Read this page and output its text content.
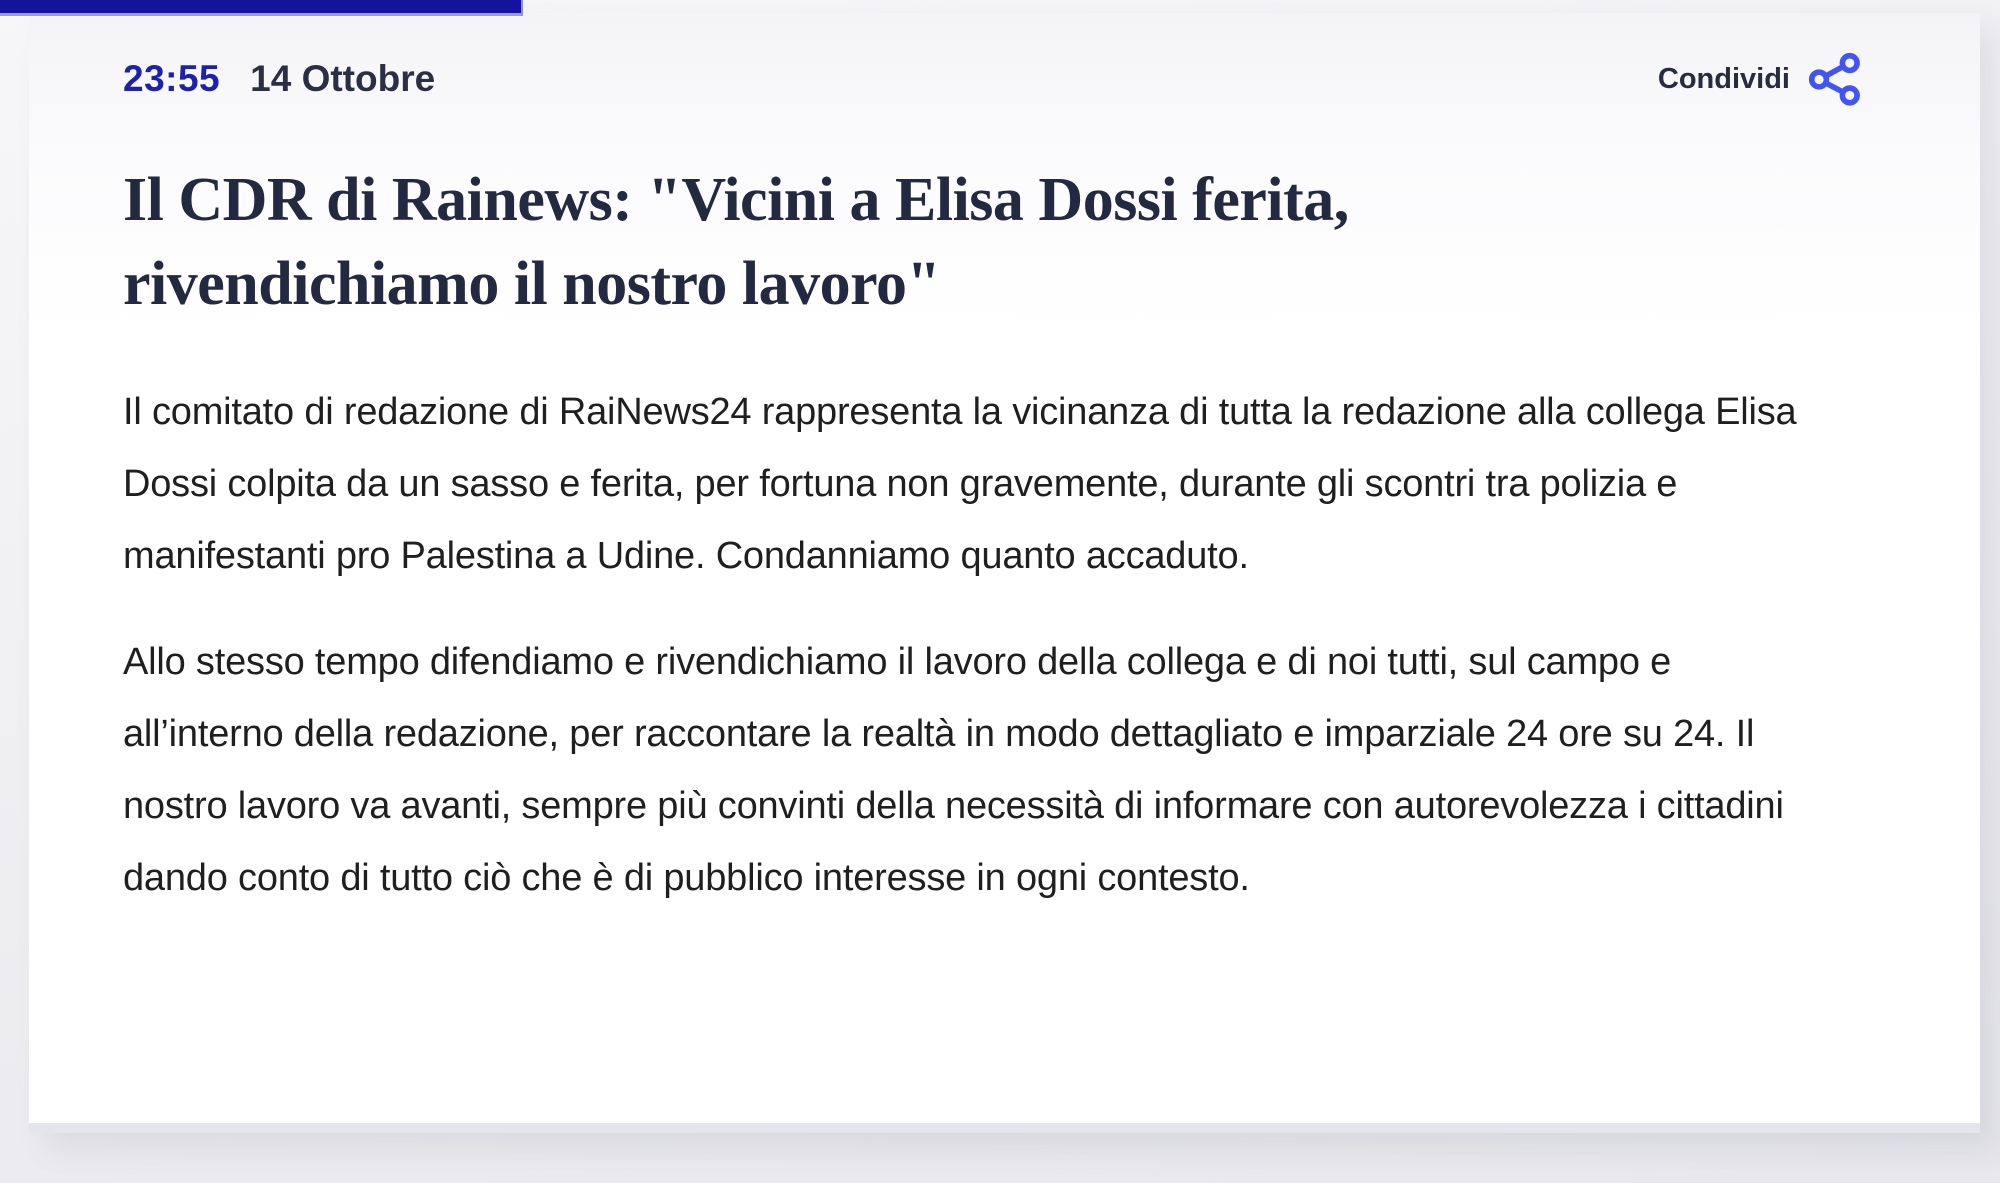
23:55 14 Ottobre	Condividi
Il CDR di Rainews: "Vicini a Elisa Dossi ferita, rivendichiamo il nostro lavoro"

Il comitato di redazione di RaiNews24 rappresenta la vicinanza di tutta la redazione alla collega Elisa Dossi colpita da un sasso e ferita, per fortuna non gravemente, durante gli scontri tra polizia e manifestanti pro Palestina a Udine. Condanniamo quanto accaduto.

Allo stesso tempo difendiamo e rivendichiamo il lavoro della collega e di noi tutti, sul campo e all’interno della redazione, per raccontare la realtà in modo dettagliato e imparziale 24 ore su 24. Il nostro lavoro va avanti, sempre più convinti della necessità di informare con autorevolezza i cittadini dando conto di tutto ciò che è di pubblico interesse in ogni contesto.
